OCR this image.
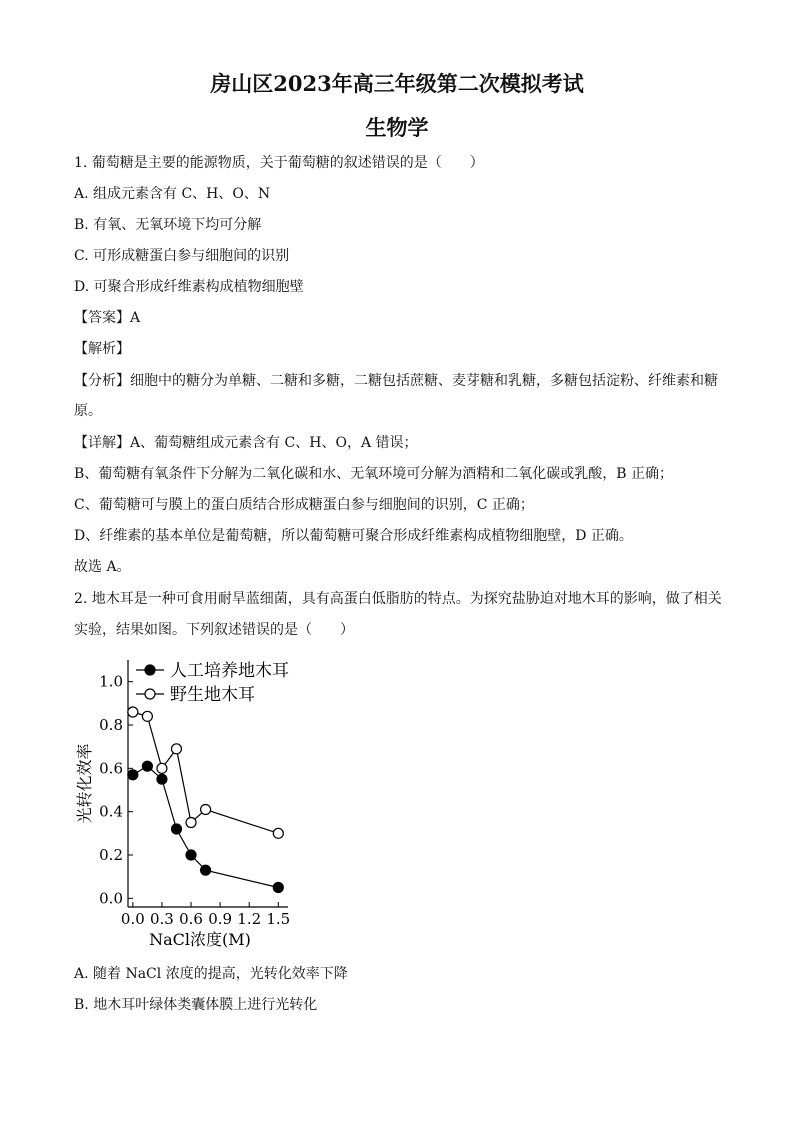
房山区2023年高三年级第二次模拟考试
生物学
1. 葡萄糖是主要的能源物质，关于葡萄糖的叙述错误的是（　　）
A. 组成元素含有 C、H、O、N
B. 有氧、无氧环境下均可分解
C. 可形成糖蛋白参与细胞间的识别
D. 可聚合形成纤维素构成植物细胞壁
【答案】A
【解析】
【分析】细胞中的糖分为单糖、二糖和多糖，二糖包括蔗糖、麦芽糖和乳糖，多糖包括淀粉、纤维素和糖
原。
【详解】A、葡萄糖组成元素含有 C、H、O，A 错误；
B、葡萄糖有氧条件下分解为二氧化碳和水、无氧环境可分解为酒精和二氧化碳或乳酸，B 正确；
C、葡萄糖可与膜上的蛋白质结合形成糖蛋白参与细胞间的识别，C 正确；
D、纤维素的基本单位是葡萄糖，所以葡萄糖可聚合形成纤维素构成植物细胞壁，D 正确。
故选 A。
2. 地木耳是一种可食用耐旱蓝细菌，具有高蛋白低脂肪的特点。为探究盐胁迫对地木耳的影响，做了相关
实验，结果如图。下列叙述错误的是（　　）
0.0
0.2
0.4
0.6
0.8
1.0
0.0 0.3 0.6 0.9 1.2 1.5
NaCl浓度(M)
光转化效率
人工培养地木耳
野生地木耳
A. 随着 NaCl 浓度的提高，光转化效率下降
B. 地木耳叶绿体类囊体膜上进行光转化
